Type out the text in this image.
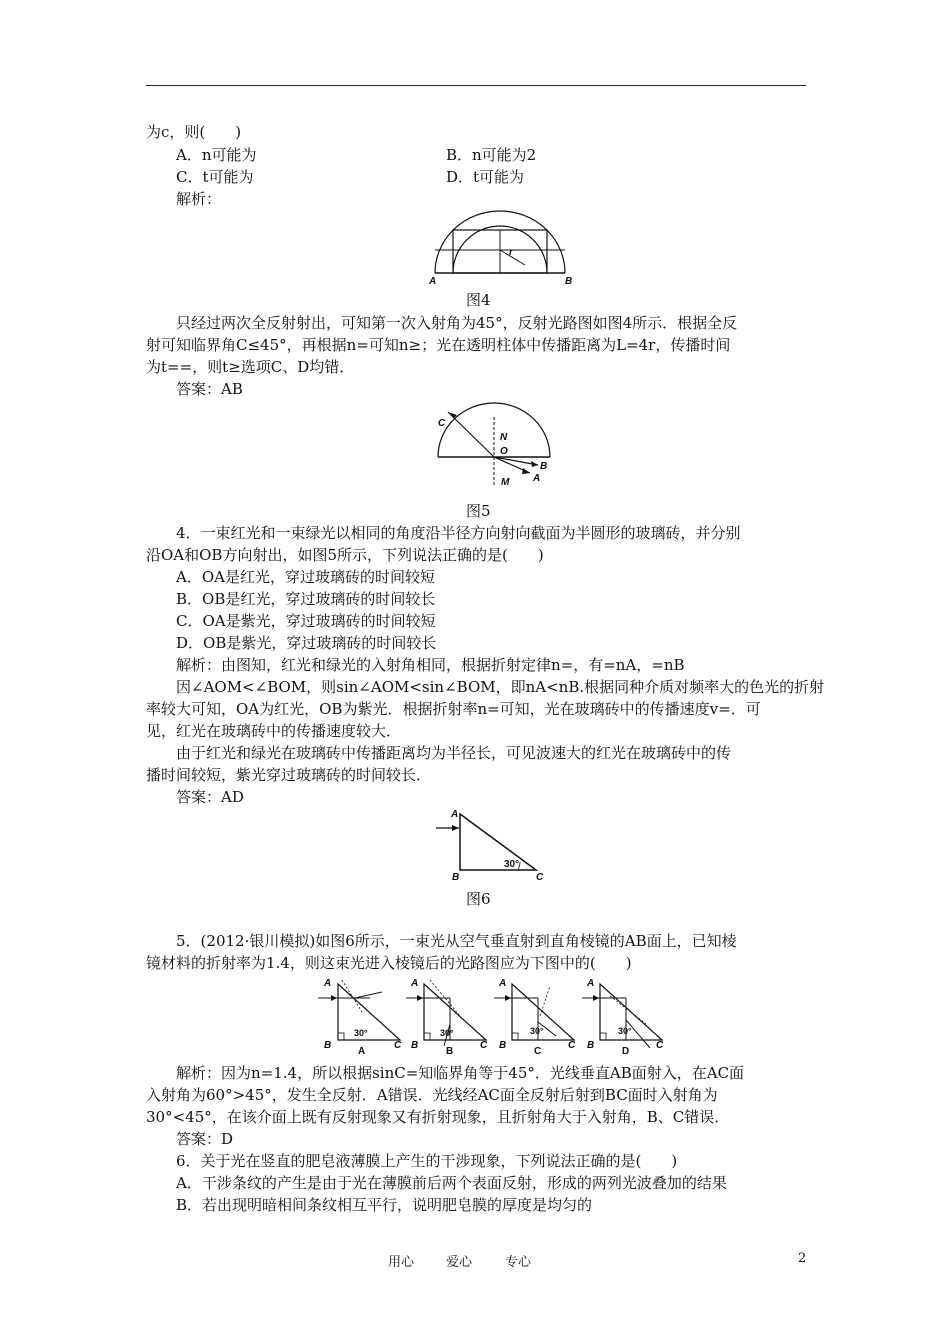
为c，则(　　)
A．n可能为	B．n可能为2
C．t可能为	D．t可能为
解析：
A	B
r
图4
只经过两次全反射射出，可知第一次入射角为45°，反射光路图如图4所示．根据全反
射可知临界角C≤45°，再根据n=可知n≥；光在透明柱体中传播距离为L=4r，传播时间
为t==，则t≥选项C、D均错．
答案：AB
C
N
O
B
A
M
图5
4．一束红光和一束绿光以相同的角度沿半径方向射向截面为半圆形的玻璃砖，并分别
沿OA和OB方向射出，如图5所示，下列说法正确的是(　　)
A．OA是红光，穿过玻璃砖的时间较短
B．OB是红光，穿过玻璃砖的时间较长
C．OA是紫光，穿过玻璃砖的时间较短
D．OB是紫光，穿过玻璃砖的时间较长
解析：由图知，红光和绿光的入射角相同，根据折射定律n=，有=nA，=nB
因∠AOM<∠BOM，则sin∠AOM<sin∠BOM，即nA<nB.根据同种介质对频率大的色光的折射
率较大可知，OA为红光，OB为紫光．根据折射率n=可知，光在玻璃砖中的传播速度v=．可
见，红光在玻璃砖中的传播速度较大．
由于红光和绿光在玻璃砖中传播距离均为半径长，可见波速大的红光在玻璃砖中的传
播时间较短，紫光穿过玻璃砖的时间较长．
答案：AD
A
B	C
30°
图6
5．(2012·银川模拟)如图6所示，一束光从空气垂直射到直角棱镜的AB面上，已知棱
镜材料的折射率为1.4，则这束光进入棱镜后的光路图应为下图中的(　　)
A
B	C
30°
A
A
B	C
30°
B
A
B	C
30°
C
A
B	C
30°
D
解析：因为n=1.4，所以根据sinC=知临界角等于45°．光线垂直AB面射入，在AC面
入射角为60°>45°，发生全反射．A错误．光线经AC面全反射后射到BC面时入射角为
30°<45°，在该介面上既有反射现象又有折射现象，且折射角大于入射角，B、C错误．
答案：D
6．关于光在竖直的肥皂液薄膜上产生的干涉现象，下列说法正确的是(　　)
A．干涉条纹的产生是由于光在薄膜前后两个表面反射，形成的两列光波叠加的结果
B．若出现明暗相间条纹相互平行，说明肥皂膜的厚度是均匀的
用心 爱心	专心	2
